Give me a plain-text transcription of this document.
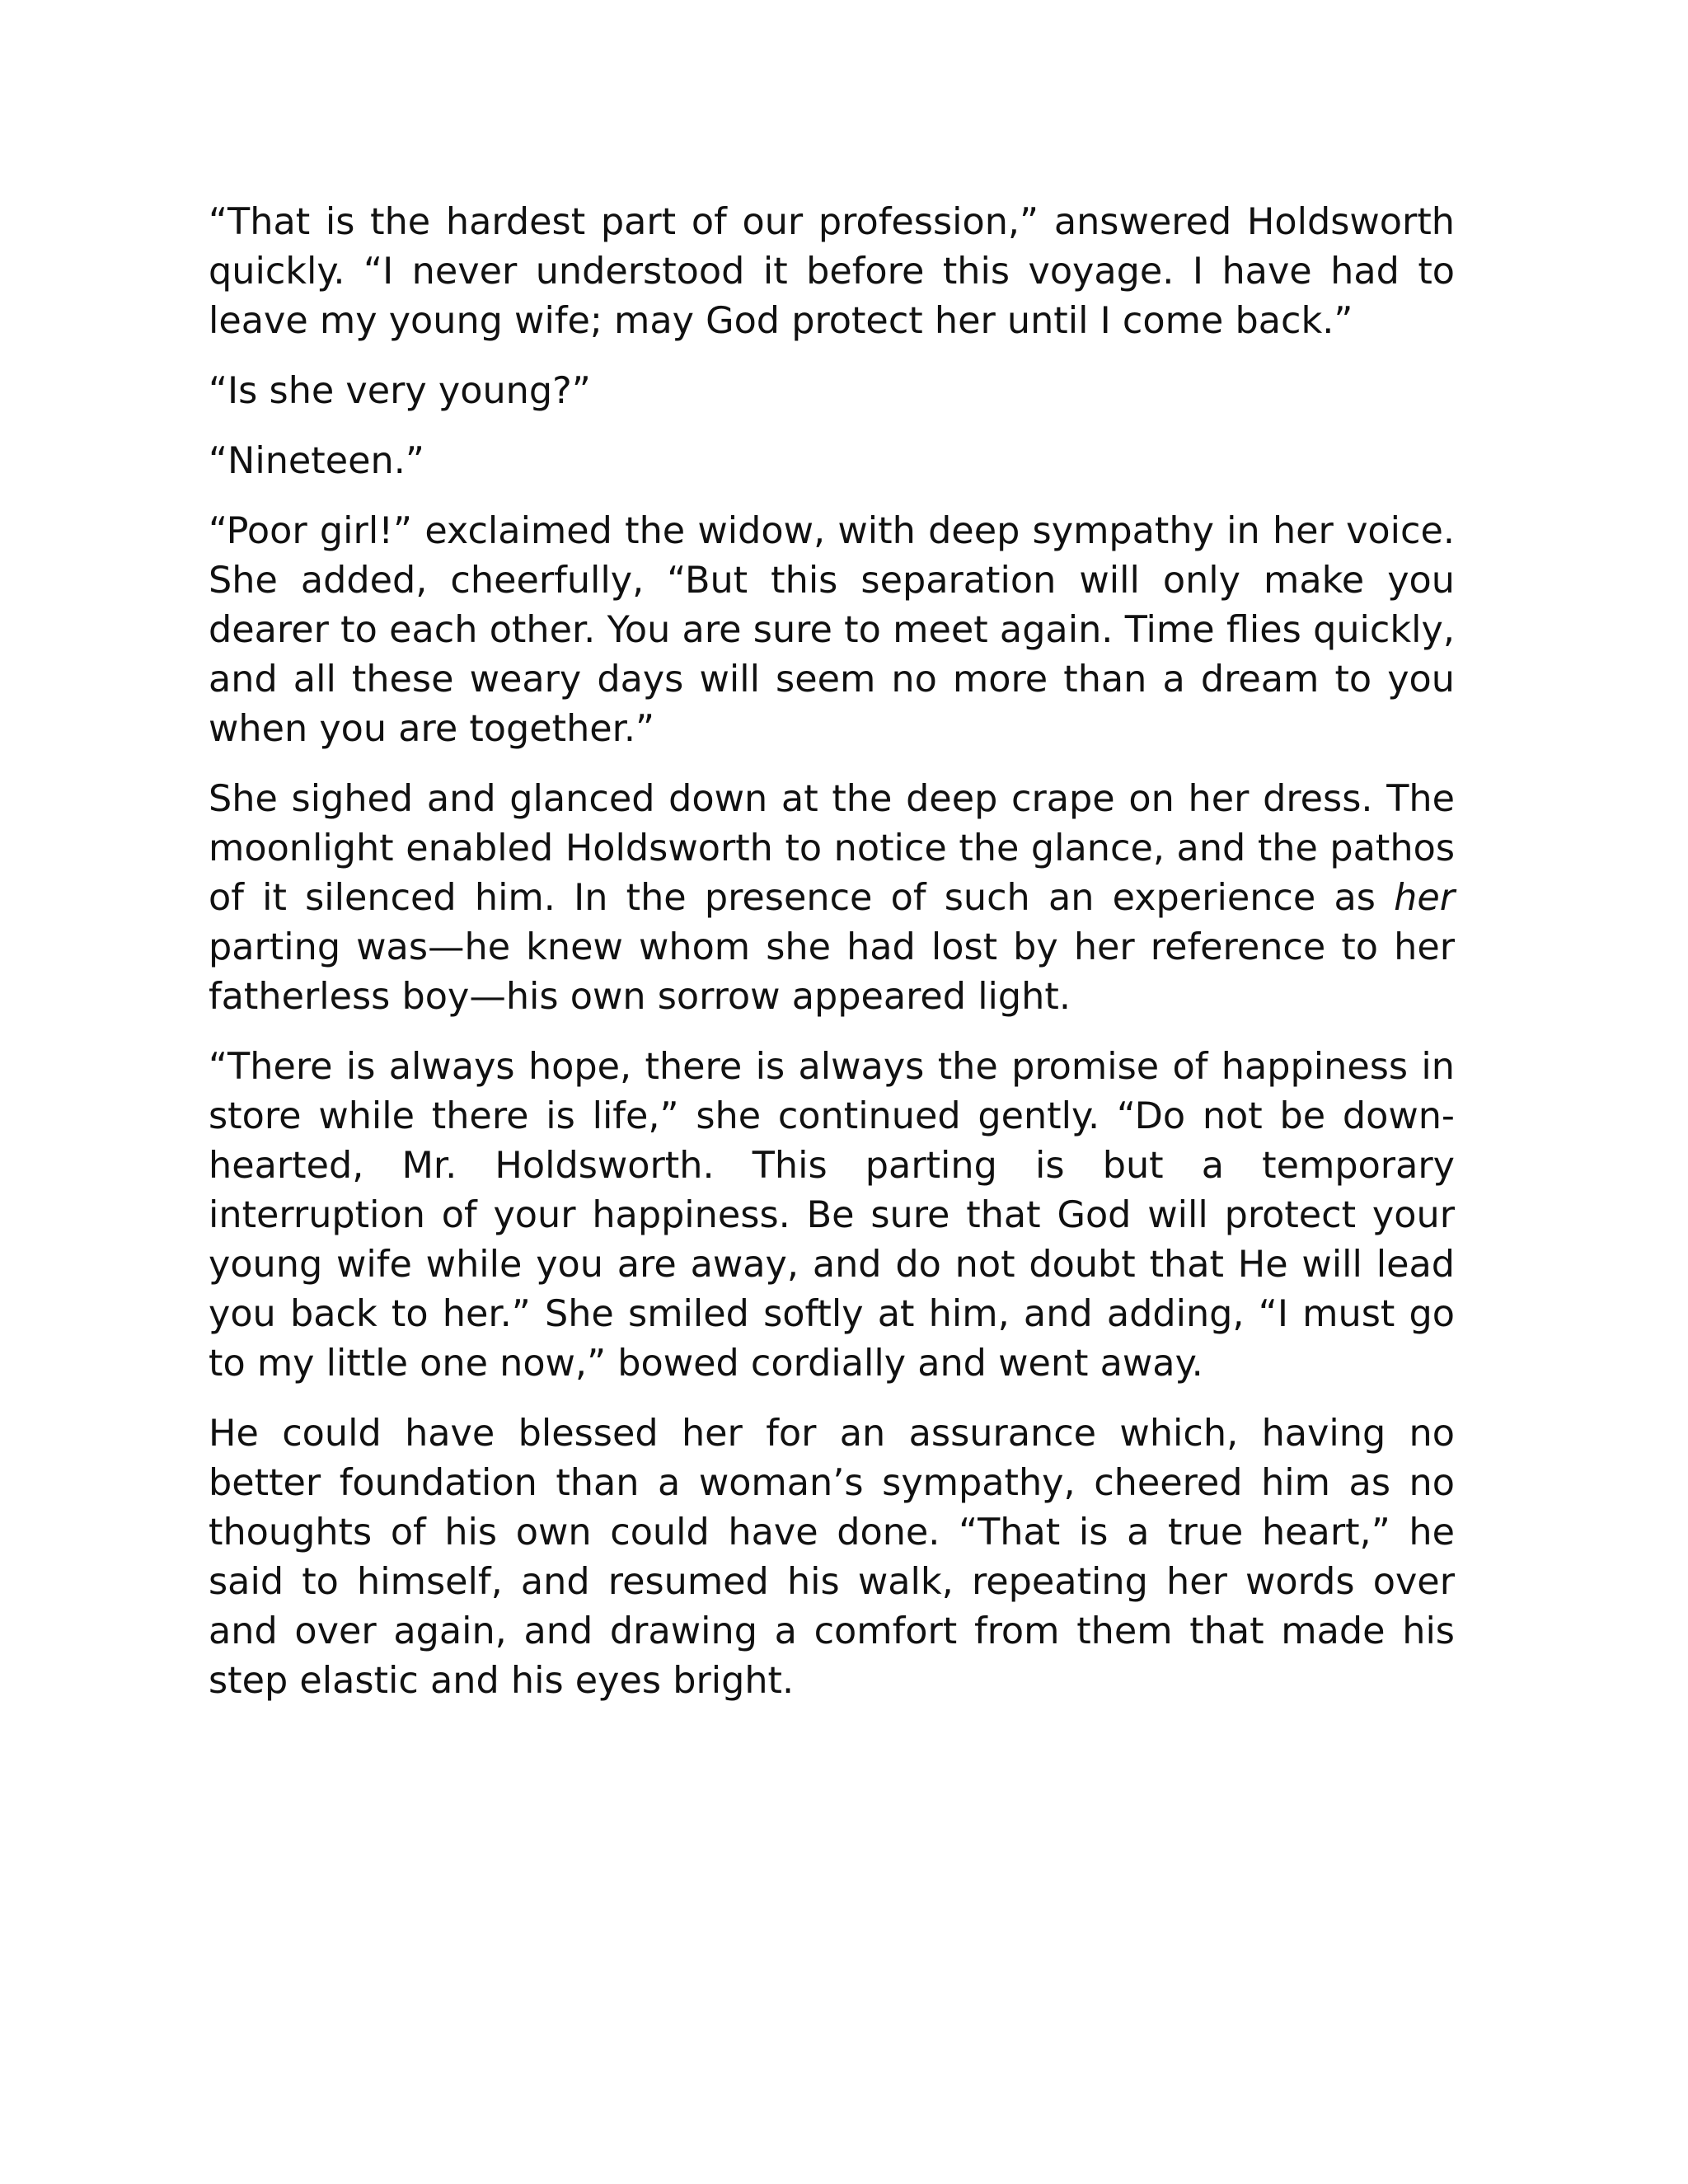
“That is the hardest part of our profession,” answered Holdsworth quickly. “I never understood it before this voyage. I have had to leave my young wife; may God protect her until I come back.”

“Is she very young?”

“Nineteen.”

“Poor girl!” exclaimed the widow, with deep sympathy in her voice. She added, cheerfully, “But this separation will only make you dearer to each other. You are sure to meet again. Time flies quickly, and all these weary days will seem no more than a dream to you when you are together.”

She sighed and glanced down at the deep crape on her dress. The moonlight enabled Holdsworth to notice the glance, and the pathos of it silenced him. In the presence of such an experience as her parting was—he knew whom she had lost by her reference to her fatherless boy—his own sorrow appeared light.

“There is always hope, there is always the promise of happiness in store while there is life,” she continued gently. “Do not be down-hearted, Mr. Holdsworth. This parting is but a temporary interruption of your happiness. Be sure that God will protect your young wife while you are away, and do not doubt that He will lead you back to her.” She smiled softly at him, and adding, “I must go to my little one now,” bowed cordially and went away.

He could have blessed her for an assurance which, having no better foundation than a woman’s sympathy, cheered him as no thoughts of his own could have done. “That is a true heart,” he said to himself, and resumed his walk, repeating her words over and over again, and drawing a comfort from them that made his step elastic and his eyes bright.
